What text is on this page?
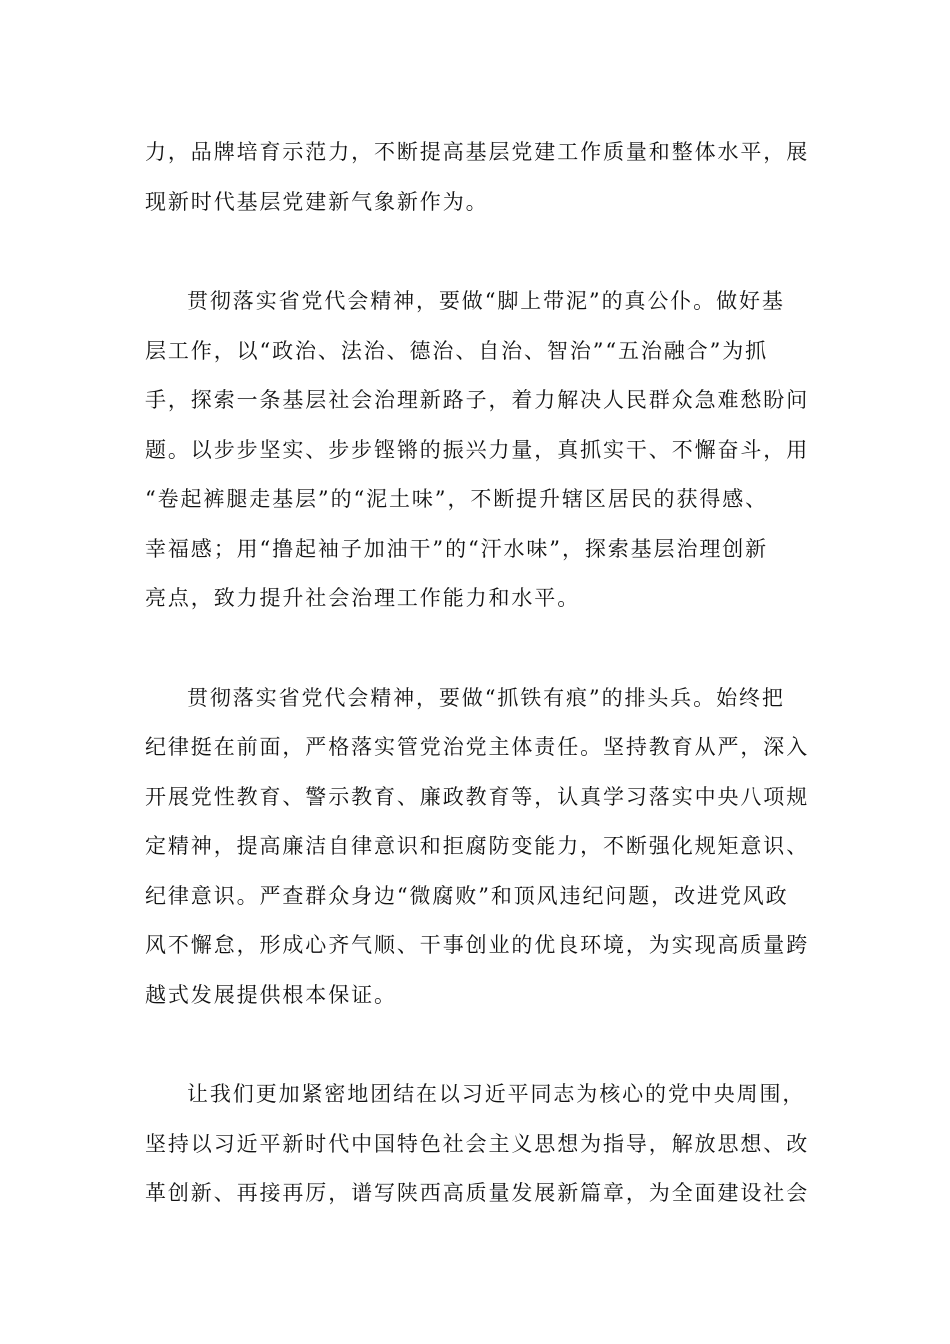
力，品牌培育示范力，不断提高基层党建工作质量和整体水平，展
现新时代基层党建新气象新作为。

贯彻落实省党代会精神，要做“脚上带泥”的真公仆。做好基
层工作，以“政治、法治、德治、自治、智治”“五治融合”为抓
手，探索一条基层社会治理新路子，着力解决人民群众急难愁盼问
题。以步步坚实、步步铿锵的振兴力量，真抓实干、不懈奋斗，用
“卷起裤腿走基层”的“泥土味”，不断提升辖区居民的获得感、
幸福感；用“撸起袖子加油干”的“汗水味”，探索基层治理创新
亮点，致力提升社会治理工作能力和水平。

贯彻落实省党代会精神，要做“抓铁有痕”的排头兵。始终把
纪律挺在前面，严格落实管党治党主体责任。坚持教育从严，深入
开展党性教育、警示教育、廉政教育等，认真学习落实中央八项规
定精神，提高廉洁自律意识和拒腐防变能力，不断强化规矩意识、
纪律意识。严查群众身边“微腐败”和顶风违纪问题，改进党风政
风不懈怠，形成心齐气顺、干事创业的优良环境，为实现高质量跨
越式发展提供根本保证。

让我们更加紧密地团结在以习近平同志为核心的党中央周围，
坚持以习近平新时代中国特色社会主义思想为指导，解放思想、改
革创新、再接再厉，谱写陕西高质量发展新篇章，为全面建设社会
